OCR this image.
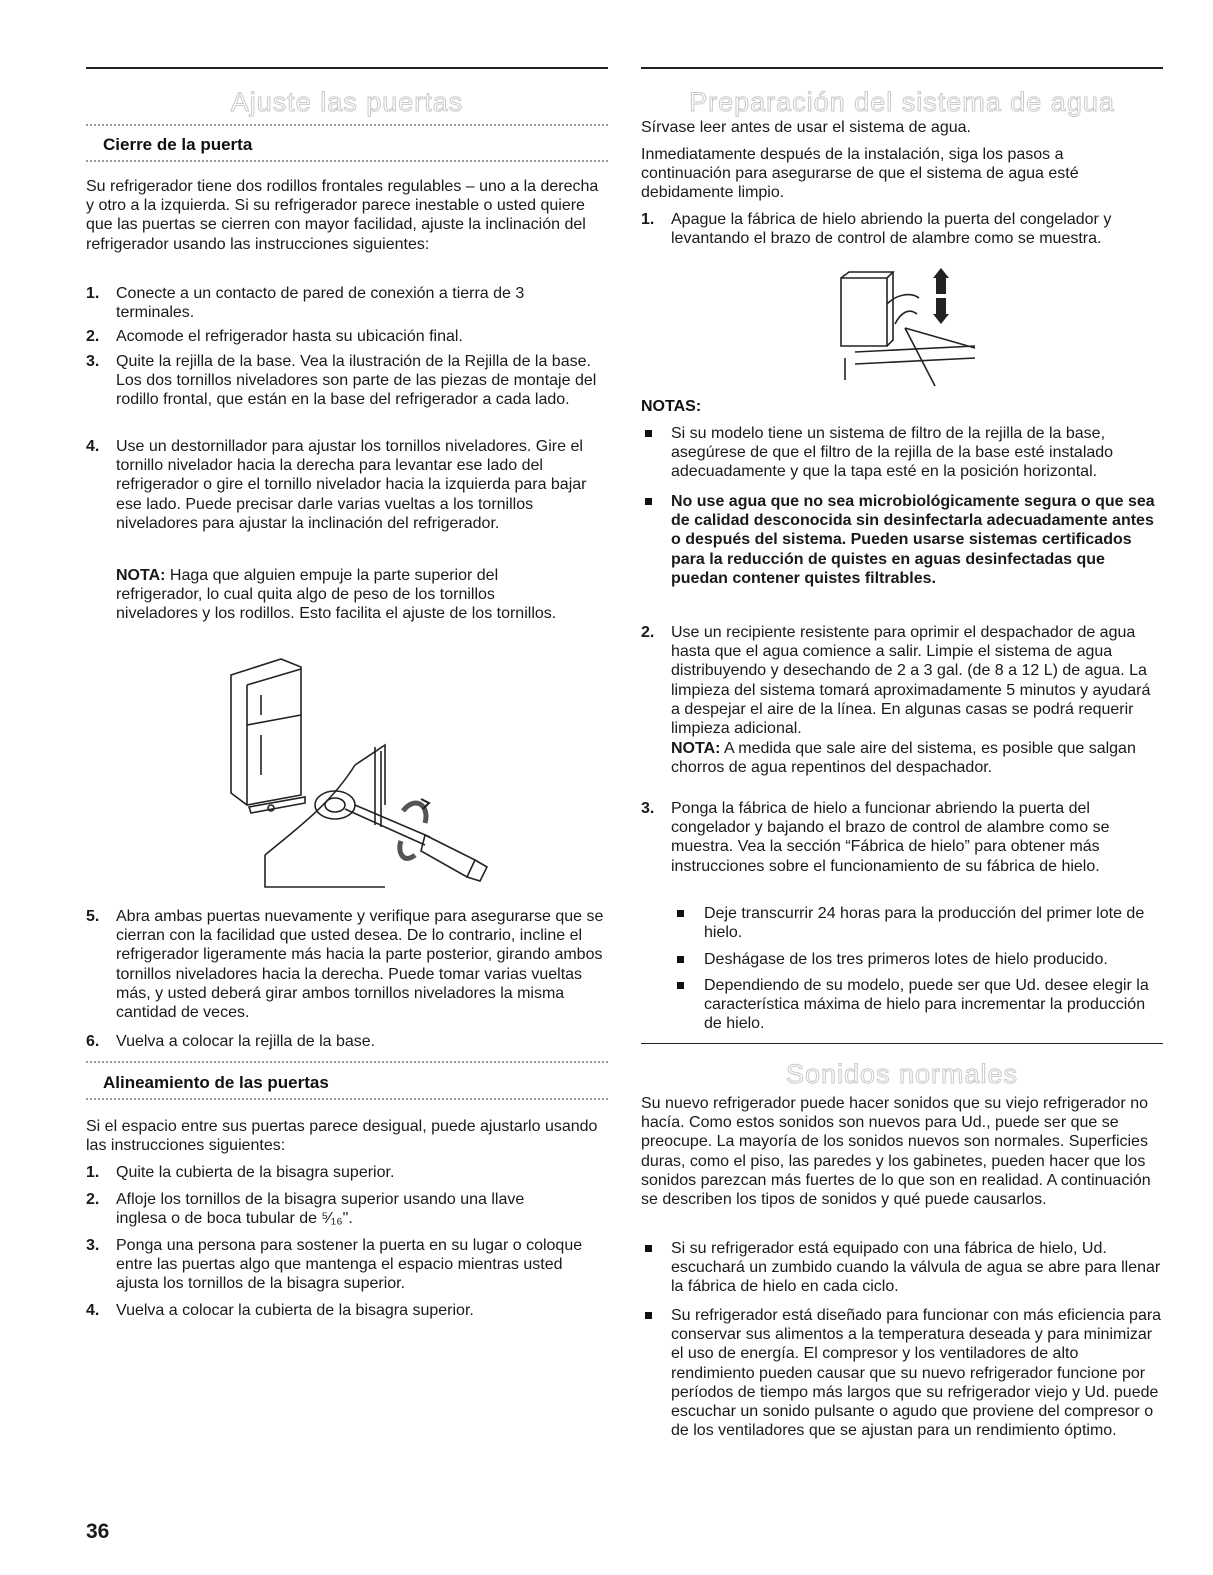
Ajuste las puertas
Cierre de la puerta

Su refrigerador tiene dos rodillos frontales regulables – uno a la derecha y otro a la izquierda. Si su refrigerador parece inestable o usted quiere que las puertas se cierren con mayor facilidad, ajuste la inclinación del refrigerador usando las instrucciones siguientes:

1. Conecte a un contacto de pared de conexión a tierra de 3 terminales.
2. Acomode el refrigerador hasta su ubicación final.
3. Quite la rejilla de la base. Vea la ilustración de la Rejilla de la base. Los dos tornillos niveladores son parte de las piezas de montaje del rodillo frontal, que están en la base del refrigerador a cada lado.
4. Use un destornillador para ajustar los tornillos niveladores. Gire el tornillo nivelador hacia la derecha para levantar ese lado del refrigerador o gire el tornillo nivelador hacia la izquierda para bajar ese lado. Puede precisar darle varias vueltas a los tornillos niveladores para ajustar la inclinación del refrigerador.
NOTA: Haga que alguien empuje la parte superior del refrigerador, lo cual quita algo de peso de los tornillos niveladores y los rodillos. Esto facilita el ajuste de los tornillos.
5. Abra ambas puertas nuevamente y verifique para asegurarse que se cierran con la facilidad que usted desea. De lo contrario, incline el refrigerador ligeramente más hacia la parte posterior, girando ambos tornillos niveladores hacia la derecha. Puede tomar varias vueltas más, y usted deberá girar ambos tornillos niveladores la misma cantidad de veces.
6. Vuelva a colocar la rejilla de la base.
Alineamiento de las puertas

Si el espacio entre sus puertas parece desigual, puede ajustarlo usando las instrucciones siguientes:

1. Quite la cubierta de la bisagra superior.
2. Afloje los tornillos de la bisagra superior usando una llave inglesa o de boca tubular de ⁵⁄₁₆".
3. Ponga una persona para sostener la puerta en su lugar o coloque entre las puertas algo que mantenga el espacio mientras usted ajusta los tornillos de la bisagra superior.
4. Vuelva a colocar la cubierta de la bisagra superior.
Preparación del sistema de agua
Sírvase leer antes de usar el sistema de agua.
Inmediatamente después de la instalación, siga los pasos a continuación para asegurarse de que el sistema de agua esté debidamente limpio.
1. Apague la fábrica de hielo abriendo la puerta del congelador y levantando el brazo de control de alambre como se muestra.
NOTAS:
Si su modelo tiene un sistema de filtro de la rejilla de la base, asegúrese de que el filtro de la rejilla de la base esté instalado adecuadamente y que la tapa esté en la posición horizontal.
No use agua que no sea microbiológicamente segura o que sea de calidad desconocida sin desinfectarla adecuadamente antes o después del sistema. Pueden usarse sistemas certificados para la reducción de quistes en aguas desinfectadas que puedan contener quistes filtrables.
2. Use un recipiente resistente para oprimir el despachador de agua hasta que el agua comience a salir. Limpie el sistema de agua distribuyendo y desechando de 2 a 3 gal. (de 8 a 12 L) de agua. La limpieza del sistema tomará aproximadamente 5 minutos y ayudará a despejar el aire de la línea. En algunas casas se podrá requerir limpieza adicional.
NOTA: A medida que sale aire del sistema, es posible que salgan chorros de agua repentinos del despachador.
3. Ponga la fábrica de hielo a funcionar abriendo la puerta del congelador y bajando el brazo de control de alambre como se muestra. Vea la sección “Fábrica de hielo” para obtener más instrucciones sobre el funcionamiento de su fábrica de hielo.
Deje transcurrir 24 horas para la producción del primer lote de hielo.
Deshágase de los tres primeros lotes de hielo producido.
Dependiendo de su modelo, puede ser que Ud. desee elegir la característica máxima de hielo para incrementar la producción de hielo.
Sonidos normales
Su nuevo refrigerador puede hacer sonidos que su viejo refrigerador no hacía. Como estos sonidos son nuevos para Ud., puede ser que se preocupe. La mayoría de los sonidos nuevos son normales. Superficies duras, como el piso, las paredes y los gabinetes, pueden hacer que los sonidos parezcan más fuertes de lo que son en realidad. A continuación se describen los tipos de sonidos y qué puede causarlos.
Si su refrigerador está equipado con una fábrica de hielo, Ud. escuchará un zumbido cuando la válvula de agua se abre para llenar la fábrica de hielo en cada ciclo.
Su refrigerador está diseñado para funcionar con más eficiencia para conservar sus alimentos a la temperatura deseada y para minimizar el uso de energía. El compresor y los ventiladores de alto rendimiento pueden causar que su nuevo refrigerador funcione por períodos de tiempo más largos que su refrigerador viejo y Ud. puede escuchar un sonido pulsante o agudo que proviene del compresor o de los ventiladores que se ajustan para un rendimiento óptimo.
36
